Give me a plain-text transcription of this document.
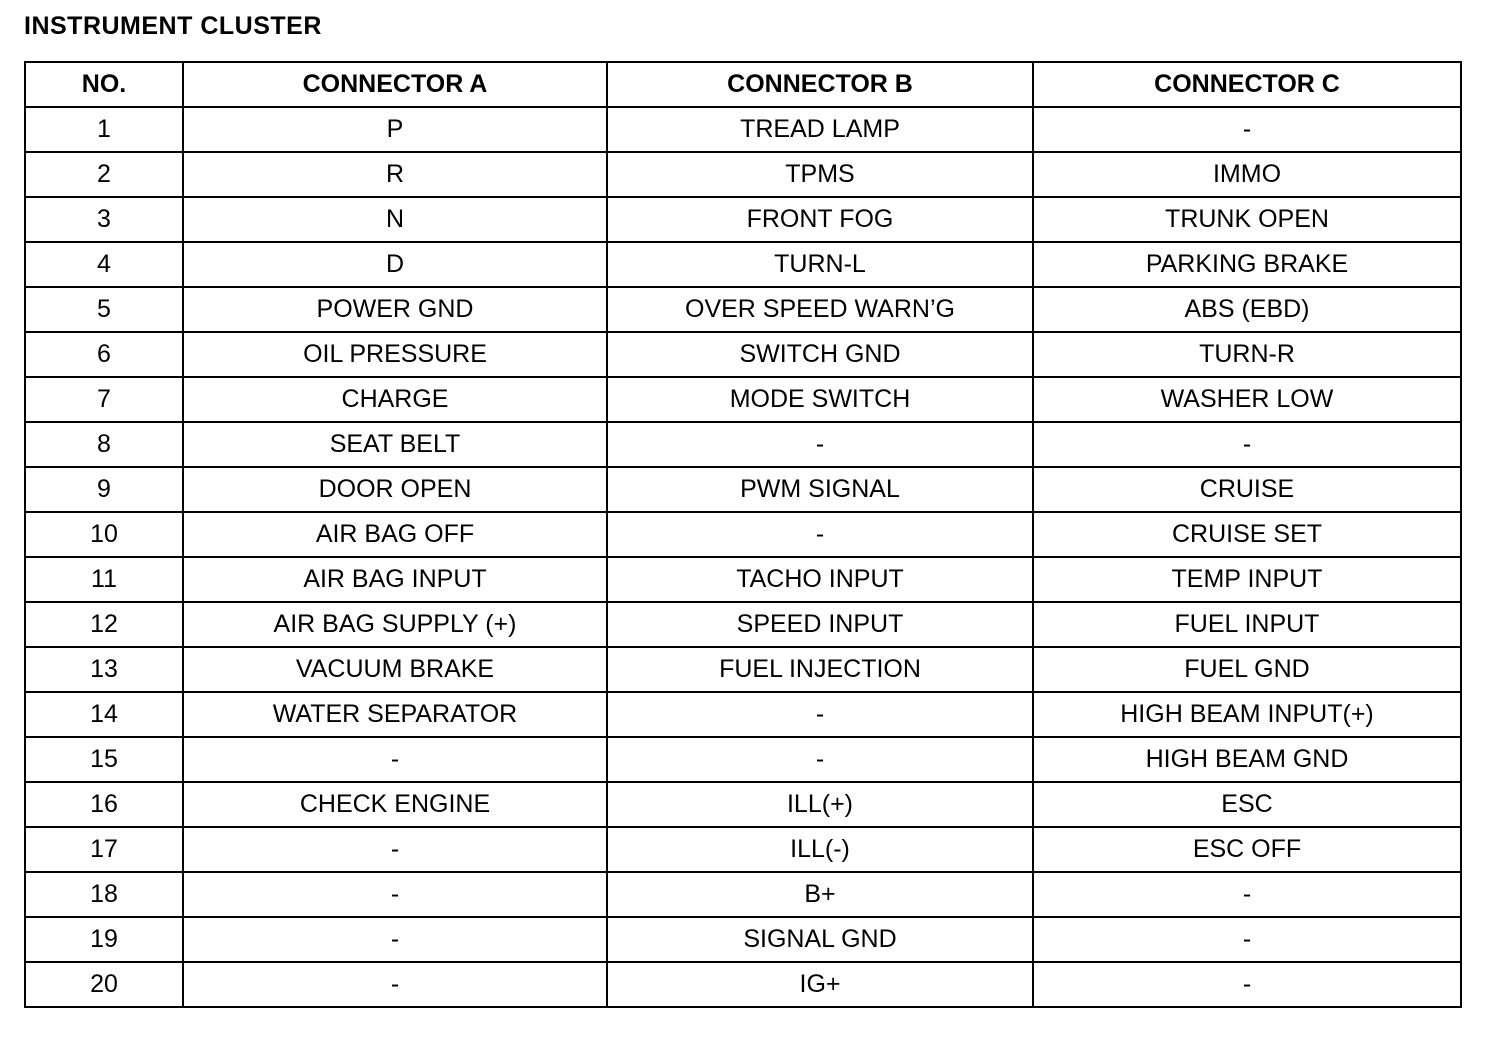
INSTRUMENT CLUSTER
NO.	CONNECTOR A	CONNECTOR B	CONNECTOR C
1	P	TREAD LAMP	-
2	R	TPMS	IMMO
3	N	FRONT FOG	TRUNK OPEN
4	D	TURN-L	PARKING BRAKE
5	POWER GND	OVER SPEED WARN’G	ABS (EBD)
6	OIL PRESSURE	SWITCH GND	TURN-R
7	CHARGE	MODE SWITCH	WASHER LOW
8	SEAT BELT	-	-
9	DOOR OPEN	PWM SIGNAL	CRUISE
10	AIR BAG OFF	-	CRUISE SET
11	AIR BAG INPUT	TACHO INPUT	TEMP INPUT
12	AIR BAG SUPPLY (+)	SPEED INPUT	FUEL INPUT
13	VACUUM BRAKE	FUEL INJECTION	FUEL GND
14	WATER SEPARATOR	-	HIGH BEAM INPUT(+)
15	-	-	HIGH BEAM GND
16	CHECK ENGINE	ILL(+)	ESC
17	-	ILL(-)	ESC OFF
18	-	B+	-
19	-	SIGNAL GND	-
20	-	IG+	-
